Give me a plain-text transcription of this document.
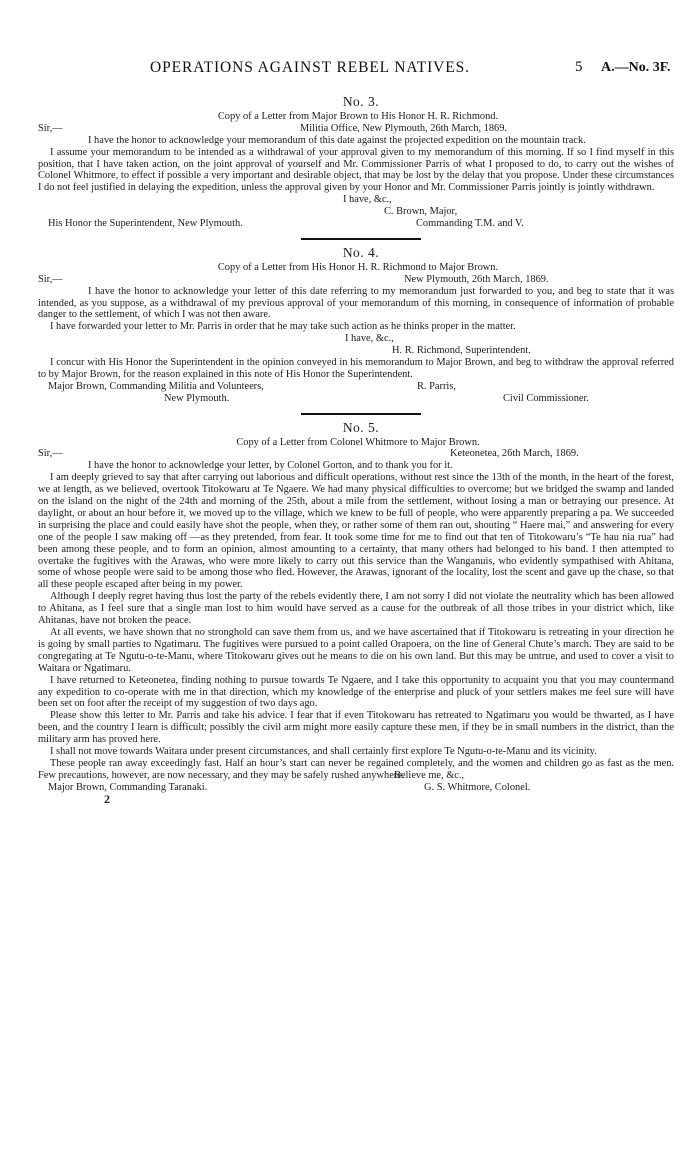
OPERATIONS AGAINST REBEL NATIVES.	5 A.—No. 3F.
No. 3.
Copy of a Letter from Major Brown to His Honor H. R. Richmond.
Sir,—	Militia Office, New Plymouth, 26th March, 1869.

I have the honor to acknowledge your memorandum of this date against the projected expedition on the mountain track.

I assume your memorandum to be intended as a withdrawal of your approval given to my memorandum of this morning. If so I find myself in this position, that I have taken action, on the joint approval of yourself and Mr. Commissioner Parris of what I proposed to do, to carry out the wishes of Colonel Whitmore, to effect if possible a very important and desirable object, that may be lost by the delay that you propose. Under these circumstances I do not feel justified in delaying the expedition, unless the approval given by your Honor and Mr. Commissioner Parris jointly is jointly withdrawn.

I have, &c.,
C. Brown, Major,
His Honor the Superintendent, New Plymouth.	Commanding T.M. and V.
No. 4.
Copy of a Letter from His Honor H. R. Richmond to Major Brown.
Sir,—	New Plymouth, 26th March, 1869.

I have the honor to acknowledge your letter of this date referring to my memorandum just forwarded to you, and beg to state that it was intended, as you suppose, as a withdrawal of my previous approval of your memorandum of this morning, in consequence of information of probable danger to the settlement, of which I was not then aware.

I have forwarded your letter to Mr. Parris in order that he may take such action as he thinks proper in the matter.

I have, &c.,
H. R. Richmond, Superintendent.

I concur with His Honor the Superintendent in the opinion conveyed in his memorandum to Major Brown, and beg to withdraw the approval referred to by Major Brown, for the reason explained in this note of His Honor the Superintendent.

Major Brown, Commanding Militia and Volunteers,	R. Parris,
New Plymouth.	Civil Commissioner.
No. 5.
Copy of a Letter from Colonel Whitmore to Major Brown.
Sir,—	Keteonetea, 26th March, 1869.

I have the honor to acknowledge your letter, by Colonel Gorton, and to thank you for it.

I am deeply grieved to say that after carrying out laborious and difficult operations, without rest since the 13th of the month, in the heart of the forest, we at length, as we believed, overtook Titokowaru at Te Ngaere. We had many physical difficulties to overcome; but we bridged the swamp and landed on the island on the night of the 24th and morning of the 25th, about a mile from the settlement, without losing a man or betraying our presence. At daylight, or about an hour before it, we moved up to the village, which we knew to be full of people, who were apparently preparing a pa. We succeeded in surprising the place and could easily have shot the people, when they, or rather some of them ran out, shouting “ Haere mai,” and answering for every one of the people I saw making off —as they pretended, from fear. It took some time for me to find out that ten of Titokowaru’s “Te hau nia rua” had been among these people, and to form an opinion, almost amounting to a certainty, that many others had belonged to his band. I then attempted to overtake the fugitives with the Arawas, who were more likely to carry out this service than the Wanganuis, who evidently sympathised with Ahitana, some of whose people were said to be among those who fled. However, the Arawas, ignorant of the locality, lost the scent and gave up the chase, so that all these people escaped after being in my power.

Although I deeply regret having thus lost the party of the rebels evidently there, I am not sorry I did not violate the neutrality which has been allowed to Ahitana, as I feel sure that a single man lost to him would have served as a cause for the outbreak of all those tribes in your district which, like Ahitanas, have not broken the peace.

At all events, we have shown that no stronghold can save them from us, and we have ascertained that if Titokowaru is retreating in your direction he is going by small parties to Ngatimaru. The fugitives were pursued to a point called Orapoera, on the line of General Chute’s march. They are said to be congregating at Te Ngutu-o-te-Manu, where Titokowaru gives out he means to die on his own land. But this may be untrue, and used to cover a visit to Waitara or Ngatimaru.

I have returned to Keteonetea, finding nothing to pursue towards Te Ngaere, and I take this opportunity to acquaint you that you may countermand any expedition to co-operate with me in that direction, which my knowledge of the enterprise and pluck of your settlers makes me feel sure will have been set on foot after the receipt of my suggestion of two days ago.

Please show this letter to Mr. Parris and take his advice. I fear that if even Titokowaru has retreated to Ngatimaru you would be thwarted, as I have been, and the country I learn is difficult; possibly the civil arm might more easily capture these men, if they be in small numbers in the district, than the military arm has proved here.

I shall not move towards Waitara under present circumstances, and shall certainly first explore Te Ngutu-o-te-Manu and its vicinity.

These people ran away exceedingly fast. Half an hour’s start can never be regained completely, and the women and children go as fast as the men. Few precautions, however, are now necessary, and they may be safely rushed anywhere.

Believe me, &c.,
Major Brown, Commanding Taranaki.	G. S. Whitmore, Colonel.
2
